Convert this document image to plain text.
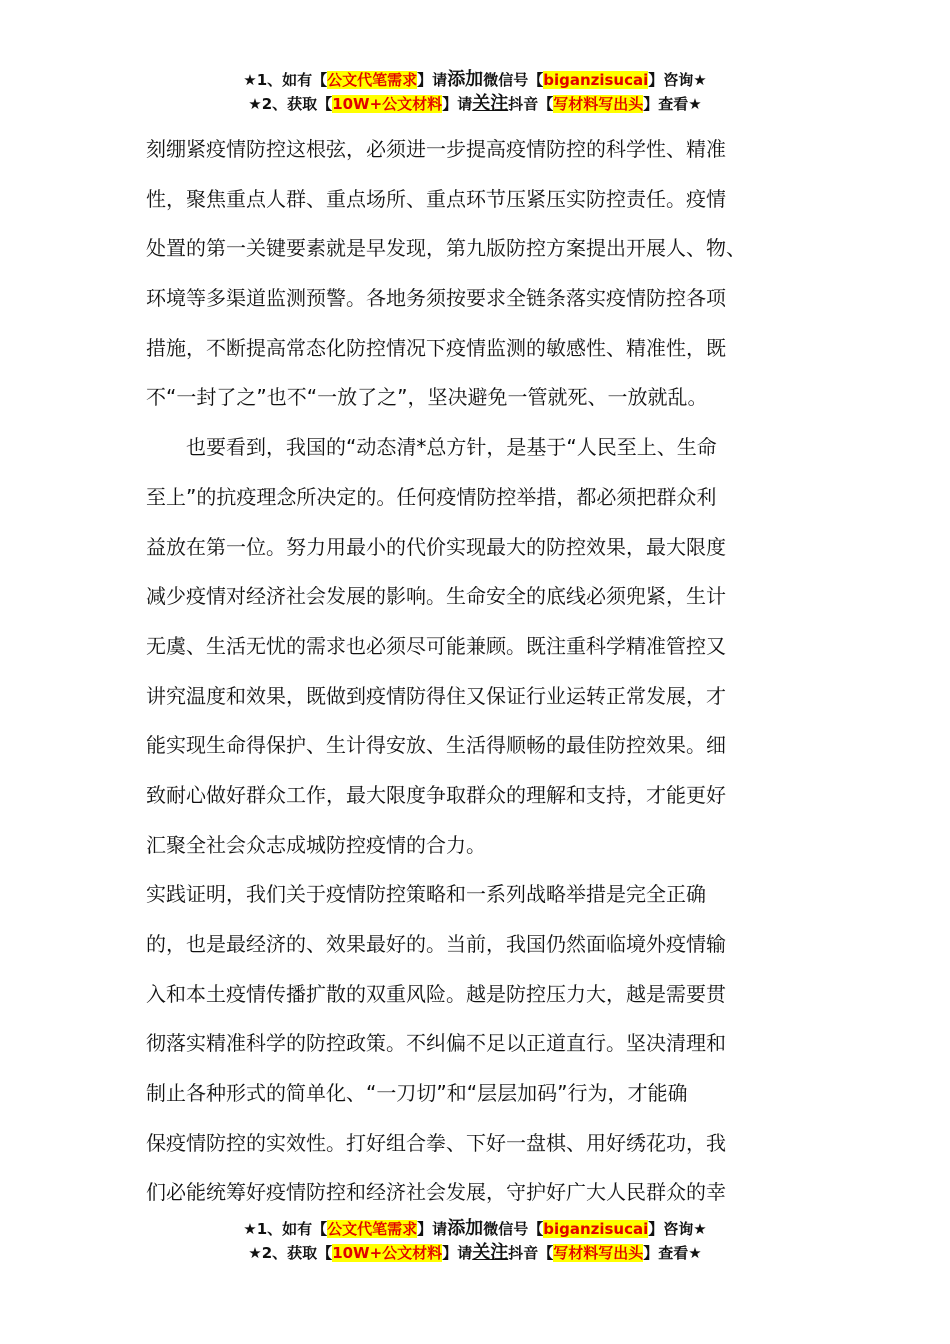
★1、如有【公文代笔需求】请添加微信号【biganzisucai】咨询★
★2、获取【10W+公文材料】请关注抖音【写材料写出头】查看★
刻绷紧疫情防控这根弦，必须进一步提高疫情防控的科学性、精准
性，聚焦重点人群、重点场所、重点环节压紧压实防控责任。疫情
处置的第一关键要素就是早发现，第九版防控方案提出开展人、物、
环境等多渠道监测预警。各地务须按要求全链条落实疫情防控各项
措施，不断提高常态化防控情况下疫情监测的敏感性、精准性，既
不“一封了之”也不“一放了之”，坚决避免一管就死、一放就乱。
也要看到，我国的“动态清*总方针，是基于“人民至上、生命
至上”的抗疫理念所决定的。任何疫情防控举措，都必须把群众利
益放在第一位。努力用最小的代价实现最大的防控效果，最大限度
减少疫情对经济社会发展的影响。生命安全的底线必须兜紧，生计
无虞、生活无忧的需求也必须尽可能兼顾。既注重科学精准管控又
讲究温度和效果，既做到疫情防得住又保证行业运转正常发展，才
能实现生命得保护、生计得安放、生活得顺畅的最佳防控效果。细
致耐心做好群众工作，最大限度争取群众的理解和支持，才能更好
汇聚全社会众志成城防控疫情的合力。
实践证明，我们关于疫情防控策略和一系列战略举措是完全正确
的，也是最经济的、效果最好的。当前，我国仍然面临境外疫情输
入和本土疫情传播扩散的双重风险。越是防控压力大，越是需要贯
彻落实精准科学的防控政策。不纠偏不足以正道直行。坚决清理和
制止各种形式的简单化、“一刀切”和“层层加码”行为，才能确
保疫情防控的实效性。打好组合拳、下好一盘棋、用好绣花功，我
们必能统筹好疫情防控和经济社会发展，守护好广大人民群众的幸
★1、如有【公文代笔需求】请添加微信号【biganzisucai】咨询★
★2、获取【10W+公文材料】请关注抖音【写材料写出头】查看★
